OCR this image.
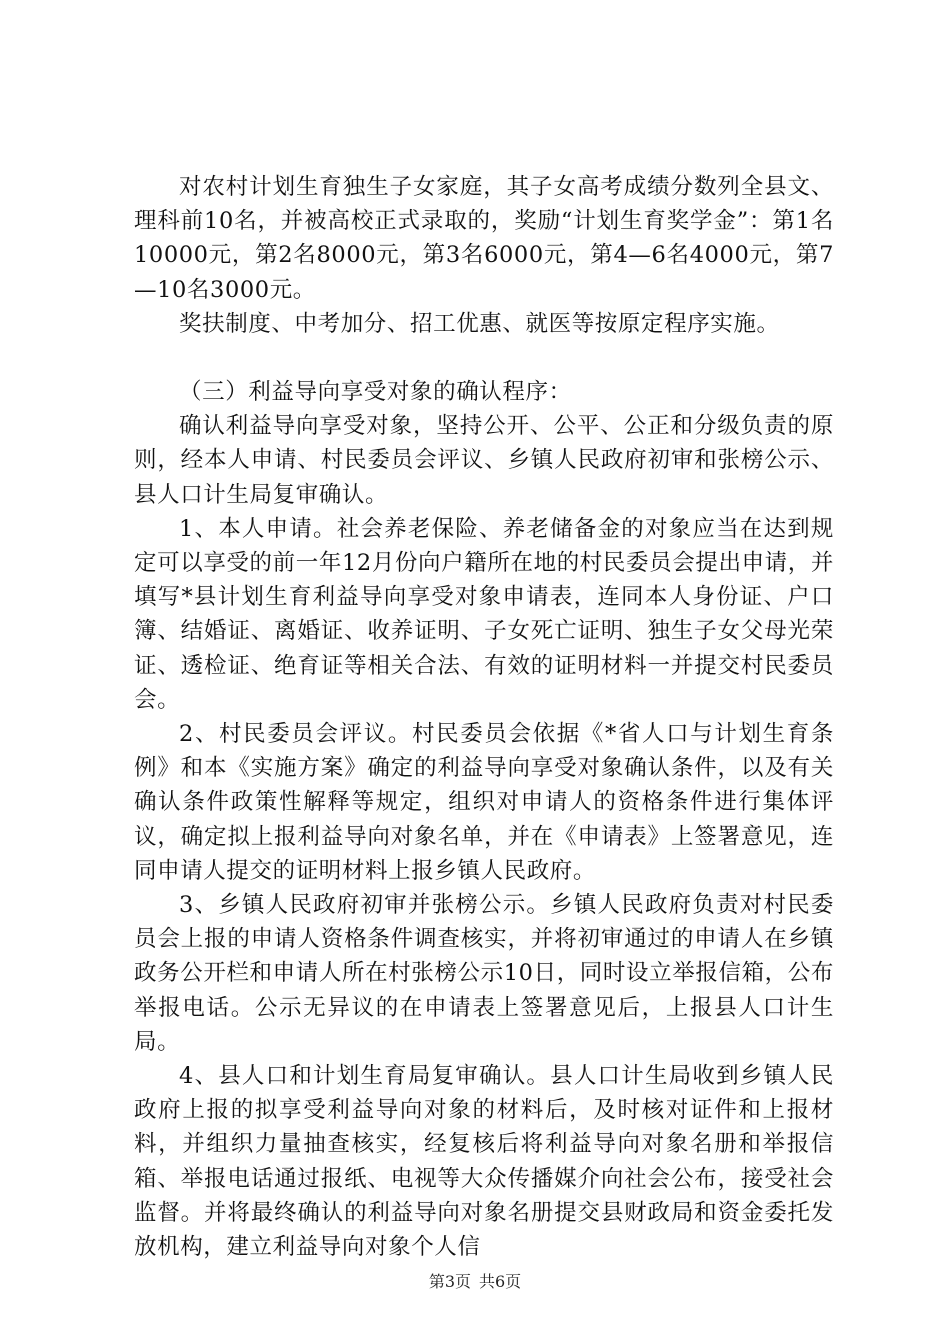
对农村计划生育独生子女家庭，其子女高考成绩分数列全县文、理科前10名，并被高校正式录取的，奖励“计划生育奖学金”：第1名10000元，第2名8000元，第3名6000元，第4—6名4000元，第7—10名3000元。

奖扶制度、中考加分、招工优惠、就医等按原定程序实施。

（三）利益导向享受对象的确认程序：

确认利益导向享受对象，坚持公开、公平、公正和分级负责的原则，经本人申请、村民委员会评议、乡镇人民政府初审和张榜公示、县人口计生局复审确认。

1、本人申请。社会养老保险、养老储备金的对象应当在达到规定可以享受的前一年12月份向户籍所在地的村民委员会提出申请，并填写*县计划生育利益导向享受对象申请表，连同本人身份证、户口簿、结婚证、离婚证、收养证明、子女死亡证明、独生子女父母光荣证、透检证、绝育证等相关合法、有效的证明材料一并提交村民委员会。

2、村民委员会评议。村民委员会依据《*省人口与计划生育条例》和本《实施方案》确定的利益导向享受对象确认条件，以及有关确认条件政策性解释等规定，组织对申请人的资格条件进行集体评议，确定拟上报利益导向对象名单，并在《申请表》上签署意见，连同申请人提交的证明材料上报乡镇人民政府。

3、乡镇人民政府初审并张榜公示。乡镇人民政府负责对村民委员会上报的申请人资格条件调查核实，并将初审通过的申请人在乡镇政务公开栏和申请人所在村张榜公示10日，同时设立举报信箱，公布举报电话。公示无异议的在申请表上签署意见后，上报县人口计生局。

4、县人口和计划生育局复审确认。县人口计生局收到乡镇人民政府上报的拟享受利益导向对象的材料后，及时核对证件和上报材料，并组织力量抽查核实，经复核后将利益导向对象名册和举报信箱、举报电话通过报纸、电视等大众传播媒介向社会公布，接受社会监督。并将最终确认的利益导向对象名册提交县财政局和资金委托发放机构，建立利益导向对象个人信

第3页 共6页
